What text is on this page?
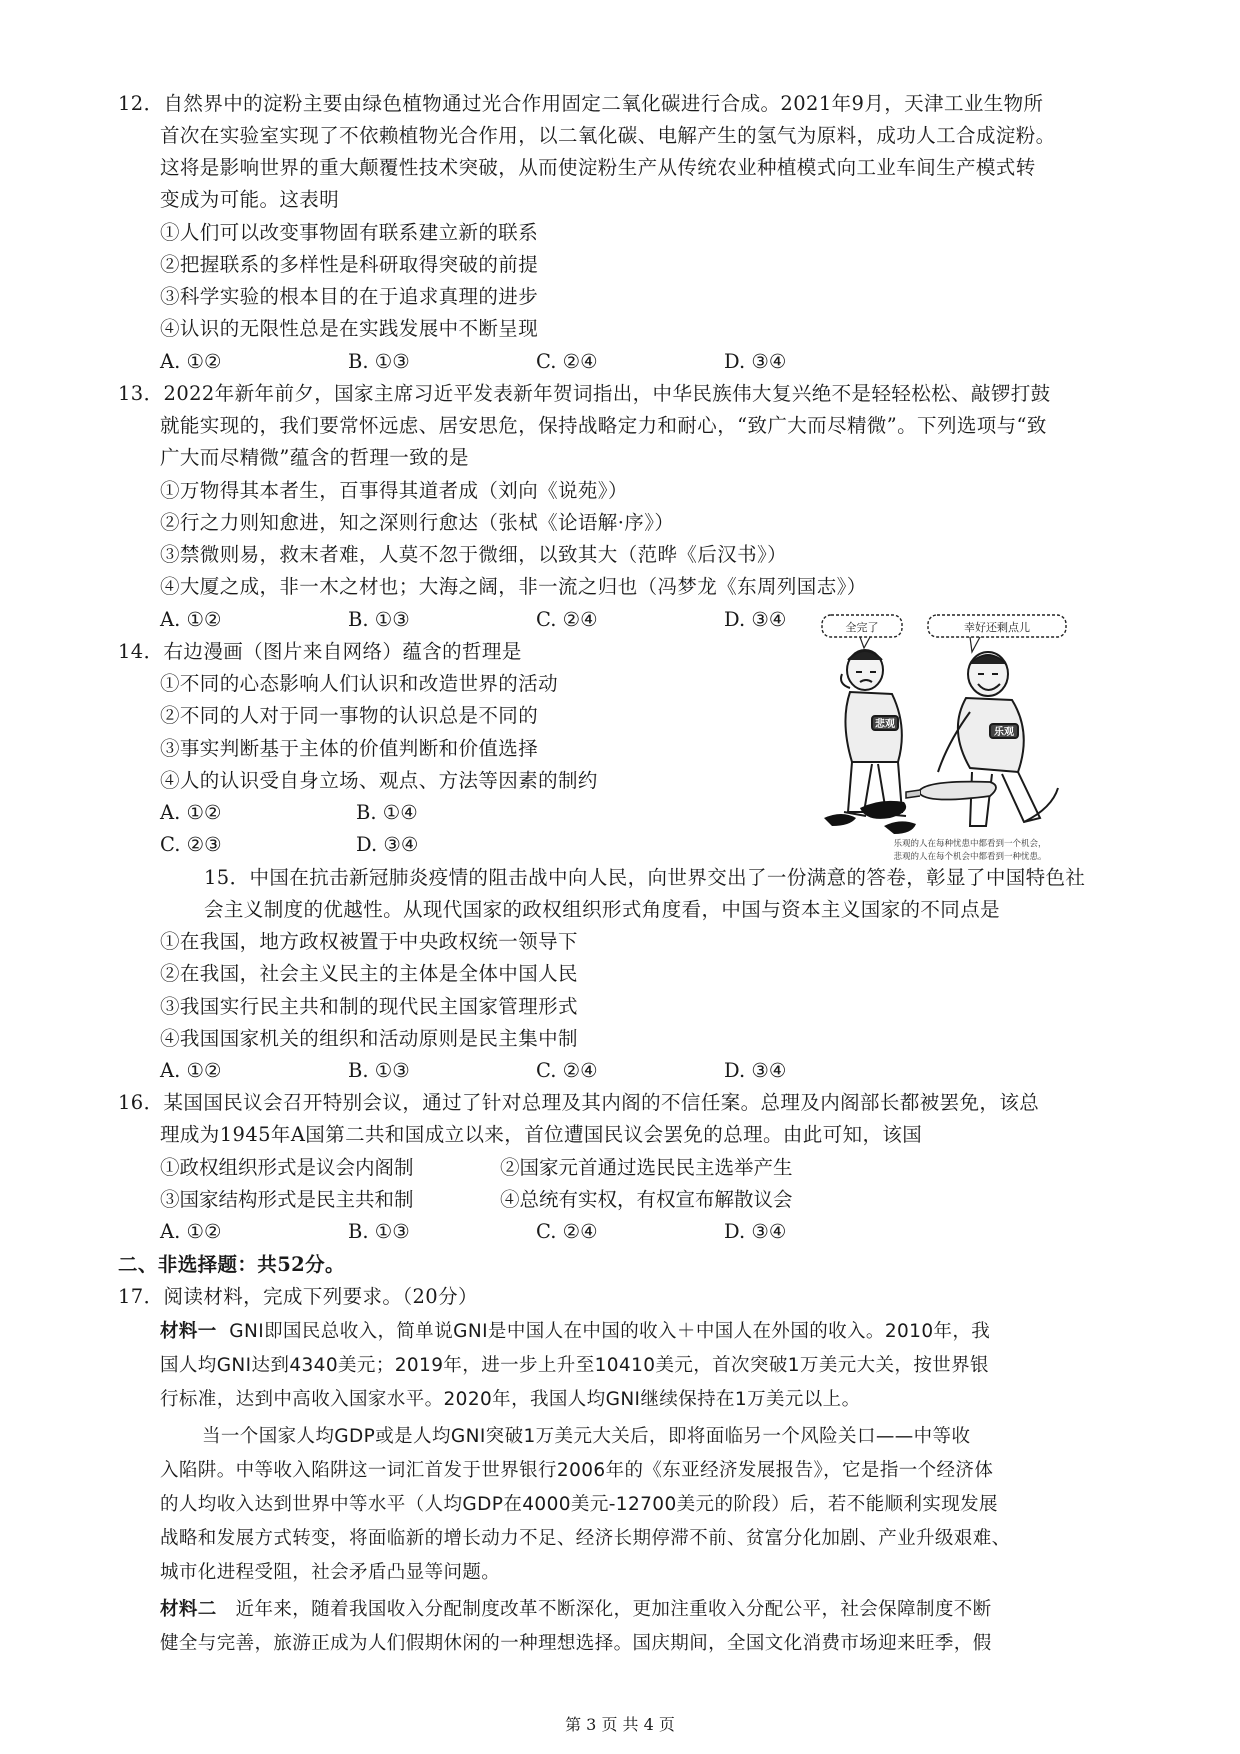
12．自然界中的淀粉主要由绿色植物通过光合作用固定二氧化碳进行合成。2021年9月，天津工业生物所
首次在实验室实现了不依赖植物光合作用，以二氧化碳、电解产生的氢气为原料，成功人工合成淀粉。
这将是影响世界的重大颠覆性技术突破，从而使淀粉生产从传统农业种植模式向工业车间生产模式转
变成为可能。这表明
①人们可以改变事物固有联系建立新的联系
②把握联系的多样性是科研取得突破的前提
③科学实验的根本目的在于追求真理的进步
④认识的无限性总是在实践发展中不断呈现
A. ①②	B. ①③	C. ②④	D. ③④
13．2022年新年前夕，国家主席习近平发表新年贺词指出，中华民族伟大复兴绝不是轻轻松松、敲锣打鼓
就能实现的，我们要常怀远虑、居安思危，保持战略定力和耐心，“致广大而尽精微”。下列选项与“致
广大而尽精微”蕴含的哲理一致的是
①万物得其本者生，百事得其道者成（刘向《说苑》）
②行之力则知愈进，知之深则行愈达（张栻《论语解·序》）
③禁微则易，救末者难，人莫不忽于微细，以致其大（范晔《后汉书》）
④大厦之成，非一木之材也；大海之阔，非一流之归也（冯梦龙《东周列国志》）
A. ①②	B. ①③	C. ②④	D. ③④
14．右边漫画（图片来自网络）蕴含的哲理是
①不同的心态影响人们认识和改造世界的活动
②不同的人对于同一事物的认识总是不同的
③事实判断基于主体的价值判断和价值选择
④人的认识受自身立场、观点、方法等因素的制约
A. ①②	B. ①④
C. ②③	D. ③④
全完了	幸好还剩点儿
悲观
乐观
乐观的人在每种忧患中都看到一个机会，
悲观的人在每个机会中都看到一种忧患。
15．中国在抗击新冠肺炎疫情的阻击战中向人民，向世界交出了一份满意的答卷，彰显了中国特色社
会主义制度的优越性。从现代国家的政权组织形式角度看，中国与资本主义国家的不同点是
①在我国，地方政权被置于中央政权统一领导下
②在我国，社会主义民主的主体是全体中国人民
③我国实行民主共和制的现代民主国家管理形式
④我国国家机关的组织和活动原则是民主集中制
A. ①②	B. ①③	C. ②④	D. ③④
16．某国国民议会召开特别会议，通过了针对总理及其内阁的不信任案。总理及内阁部长都被罢免，该总
理成为1945年A国第二共和国成立以来，首位遭国民议会罢免的总理。由此可知，该国
①政权组织形式是议会内阁制	②国家元首通过选民民主选举产生
③国家结构形式是民主共和制	④总统有实权，有权宣布解散议会
A. ①②	B. ①③	C. ②④	D. ③④
二、非选择题：共52分。
17．阅读材料，完成下列要求。（20分）
材料一 GNI即国民总收入，简单说GNI是中国人在中国的收入＋中国人在外国的收入。2010年，我
国人均GNI达到4340美元；2019年，进一步上升至10410美元，首次突破1万美元大关，按世界银
行标准，达到中高收入国家水平。2020年，我国人均GNI继续保持在1万美元以上。
当一个国家人均GDP或是人均GNI突破1万美元大关后，即将面临另一个风险关口——中等收
入陷阱。中等收入陷阱这一词汇首发于世界银行2006年的《东亚经济发展报告》，它是指一个经济体
的人均收入达到世界中等水平（人均GDP在4000美元-12700美元的阶段）后，若不能顺利实现发展
战略和发展方式转变，将面临新的增长动力不足、经济长期停滞不前、贫富分化加剧、产业升级艰难、
城市化进程受阻，社会矛盾凸显等问题。
材料二 近年来，随着我国收入分配制度改革不断深化，更加注重收入分配公平，社会保障制度不断
健全与完善，旅游正成为人们假期休闲的一种理想选择。国庆期间，全国文化消费市场迎来旺季，假
第 3 页 共 4 页
